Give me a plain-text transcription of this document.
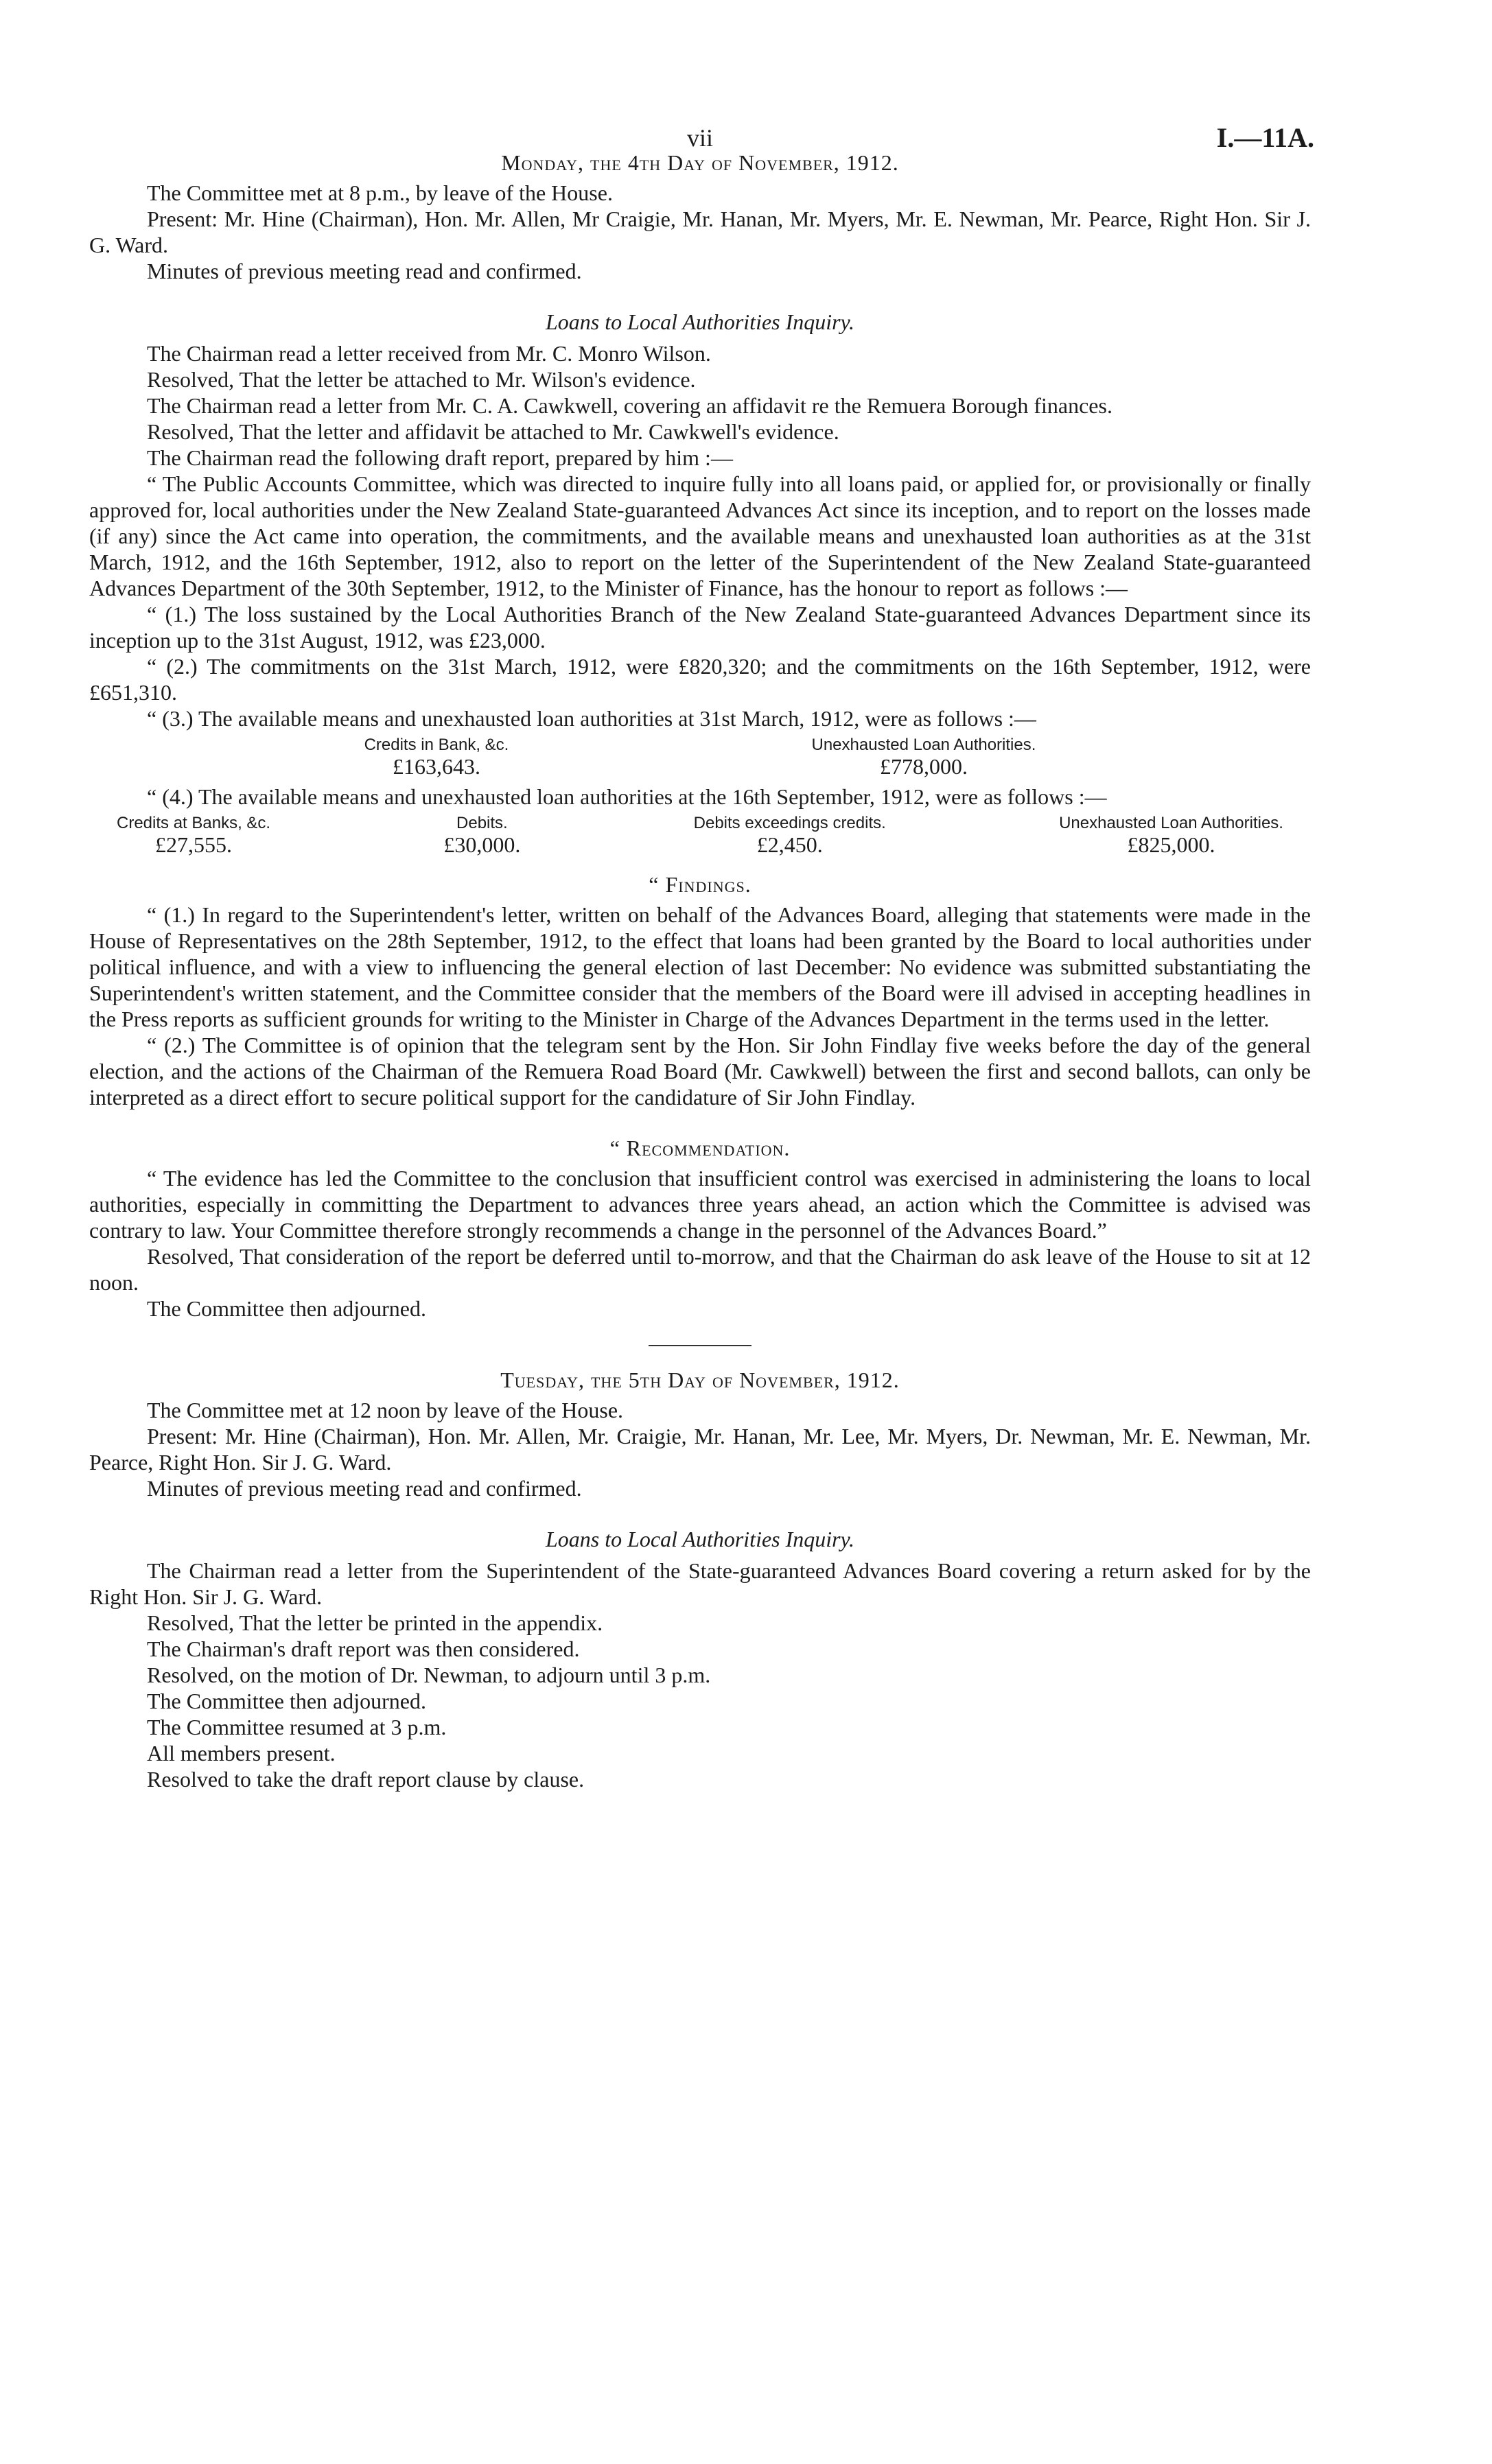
vii	I.—11A.
Monday, the 4th Day of November, 1912.

The Committee met at 8 p.m., by leave of the House.

Present: Mr. Hine (Chairman), Hon. Mr. Allen, Mr Craigie, Mr. Hanan, Mr. Myers, Mr. E. Newman, Mr. Pearce, Right Hon. Sir J. G. Ward.

Minutes of previous meeting read and confirmed.

Loans to Local Authorities Inquiry.

The Chairman read a letter received from Mr. C. Monro Wilson.

Resolved, That the letter be attached to Mr. Wilson's evidence.

The Chairman read a letter from Mr. C. A. Cawkwell, covering an affidavit re the Remuera Borough finances.

Resolved, That the letter and affidavit be attached to Mr. Cawkwell's evidence.

The Chairman read the following draft report, prepared by him :—

“ The Public Accounts Committee, which was directed to inquire fully into all loans paid, or applied for, or provisionally or finally approved for, local authorities under the New Zealand State-guaranteed Advances Act since its inception, and to report on the losses made (if any) since the Act came into operation, the commitments, and the available means and unexhausted loan authorities as at the 31st March, 1912, and the 16th September, 1912, also to report on the letter of the Superintendent of the New Zealand State-guaranteed Advances Department of the 30th September, 1912, to the Minister of Finance, has the honour to report as follows :—

“ (1.) The loss sustained by the Local Authorities Branch of the New Zealand State-guaranteed Advances Department since its inception up to the 31st August, 1912, was £23,000.

“ (2.) The commitments on the 31st March, 1912, were £820,320; and the commitments on the 16th September, 1912, were £651,310.

“ (3.) The available means and unexhausted loan authorities at 31st March, 1912, were as follows :—

Credits in Bank, &c.
£163,643.
Unexhausted Loan Authorities.
£778,000.

“ (4.) The available means and unexhausted loan authorities at the 16th September, 1912, were as follows :—

Credits at Banks, &c.
£27,555.
Debits.
£30,000.
Debits exceedings credits.
£2,450.
Unexhausted Loan Authorities.
£825,000.
“ Findings.

“ (1.) In regard to the Superintendent's letter, written on behalf of the Advances Board, alleging that statements were made in the House of Representatives on the 28th September, 1912, to the effect that loans had been granted by the Board to local authorities under political influence, and with a view to influencing the general election of last December: No evidence was submitted substantiating the Superintendent's written statement, and the Committee consider that the members of the Board were ill advised in accepting headlines in the Press reports as sufficient grounds for writing to the Minister in Charge of the Advances Department in the terms used in the letter.

“ (2.) The Committee is of opinion that the telegram sent by the Hon. Sir John Findlay five weeks before the day of the general election, and the actions of the Chairman of the Remuera Road Board (Mr. Cawkwell) between the first and second ballots, can only be interpreted as a direct effort to secure political support for the candidature of Sir John Findlay.

“ Recommendation.

“ The evidence has led the Committee to the conclusion that insufficient control was exercised in administering the loans to local authorities, especially in committing the Department to advances three years ahead, an action which the Committee is advised was contrary to law. Your Committee therefore strongly recommends a change in the personnel of the Advances Board.”

Resolved, That consideration of the report be deferred until to-morrow, and that the Chairman do ask leave of the House to sit at 12 noon.

The Committee then adjourned.

Tuesday, the 5th Day of November, 1912.

The Committee met at 12 noon by leave of the House.

Present: Mr. Hine (Chairman), Hon. Mr. Allen, Mr. Craigie, Mr. Hanan, Mr. Lee, Mr. Myers, Dr. Newman, Mr. E. Newman, Mr. Pearce, Right Hon. Sir J. G. Ward.

Minutes of previous meeting read and confirmed.

Loans to Local Authorities Inquiry.

The Chairman read a letter from the Superintendent of the State-guaranteed Advances Board covering a return asked for by the Right Hon. Sir J. G. Ward.

Resolved, That the letter be printed in the appendix.

The Chairman's draft report was then considered.

Resolved, on the motion of Dr. Newman, to adjourn until 3 p.m.

The Committee then adjourned.

The Committee resumed at 3 p.m.

All members present.

Resolved to take the draft report clause by clause.
